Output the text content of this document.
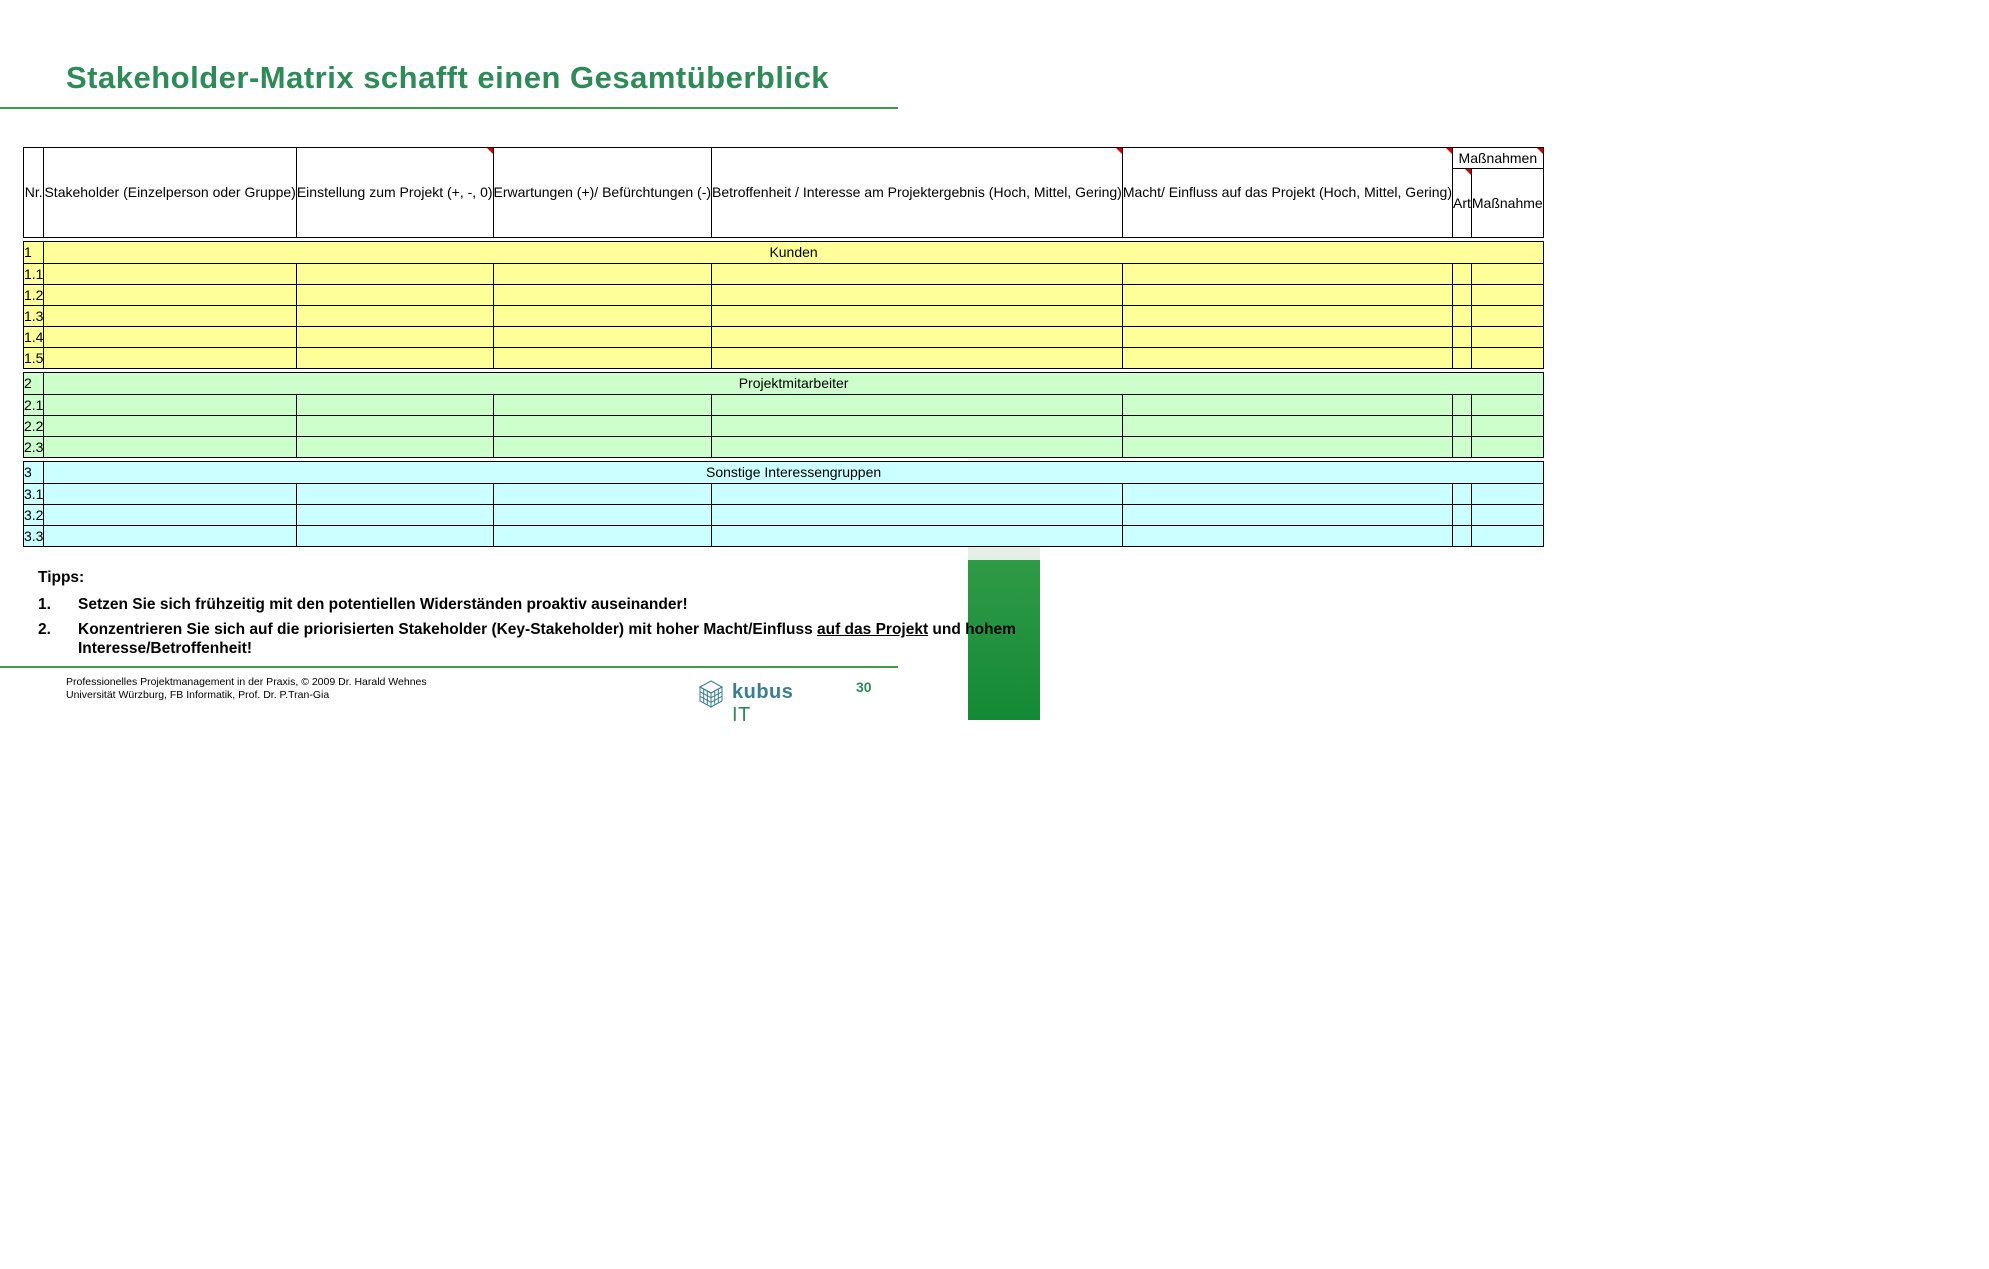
AOK
Stakeholder-Matrix schafft einen Gesamtüberblick
Nr.	Stakeholder (Einzelperson oder Gruppe)	Einstellung zum Projekt (+, -, 0)	Erwartungen (+)/ Befürchtungen (-)	Betroffenheit / Interesse am Projektergebnis (Hoch, Mittel, Gering)	Macht/ Einfluss auf das Projekt (Hoch, Mittel, Gering)	Maßnahmen	
						Art	Maßnahme

1	Kunden						
1.1							
1.2							
1.3							
1.4							
1.5							

2	Projektmitarbeiter						
2.1							
2.2							
2.3							

3	Sonstige Interessengruppen						
3.1							
3.2							
3.3							
Tipps:
1. Setzen Sie sich frühzeitig mit den potentiellen Widerständen proaktiv auseinander!
2. Konzentrieren Sie sich auf die priorisierten Stakeholder (Key-Stakeholder) mit hoher Macht/Einfluss auf das Projekt und hohem Interesse/Betroffenheit!
Professionelles Projektmanagement in der Praxis, © 2009 Dr. Harald Wehnes
Universität Würzburg, FB Informatik, Prof. Dr. P.Tran-Gia	kubus IT
30
